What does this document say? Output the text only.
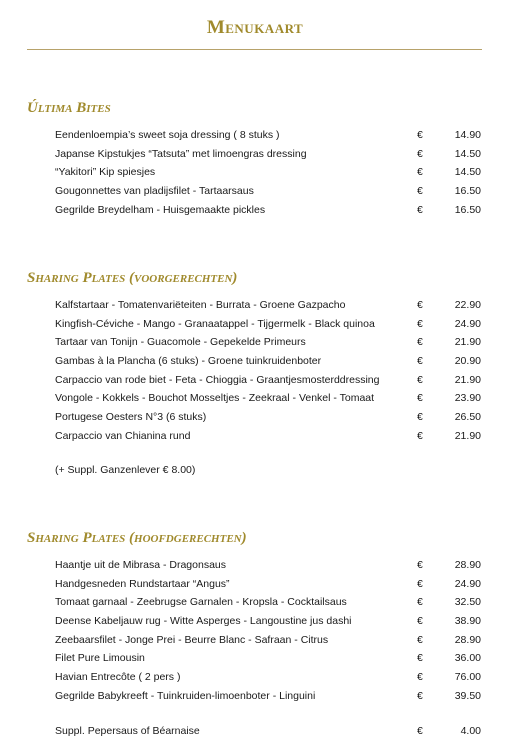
Menukaart
Última Bites
Eendenloempia’s sweet soja dressing ( 8 stuks )	€	14.90
Japanse Kipstukjes “Tatsuta” met limoengras dressing	€	14.50
“Yakitori” Kip spiesjes	€	14.50
Gougonnettes van pladijsfilet - Tartaarsaus	€	16.50
Gegrilde Breydelham - Huisgemaakte pickles	€	16.50
Sharing Plates (voorgerechten)
Kalfstartaar - Tomatenvariëteiten - Burrata - Groene Gazpacho	€	22.90
Kingfish-Céviche - Mango - Granaatappel - Tijgermelk - Black quinoa	€	24.90
Tartaar van Tonijn - Guacomole - Gepekelde Primeurs	€	21.90
Gambas à la Plancha (6 stuks) - Groene tuinkruidenboter	€	20.90
Carpaccio van rode biet - Feta - Chioggia - Graantjesmosterddressing	€	21.90
Vongole - Kokkels - Bouchot Mosseltjes - Zeekraal - Venkel - Tomaat	€	23.90
Portugese Oesters N°3 (6 stuks)	€	26.50
Carpaccio van Chianina rund	€	21.90
(+ Suppl. Ganzenlever € 8.00)
Sharing Plates (hoofdgerechten)
Haantje uit de Mibrasa - Dragonsaus	€	28.90
Handgesneden Rundstartaar “Angus”	€	24.90
Tomaat garnaal - Zeebrugse Garnalen - Kropsla - Cocktailsaus	€	32.50
Deense Kabeljauw rug - Witte Asperges - Langoustine jus dashi	€	38.90
Zeebaarsfilet - Jonge Prei - Beurre Blanc - Safraan - Citrus	€	28.90
Filet Pure Limousin	€	36.00
Havian Entrecôte ( 2 pers )	€	76.00
Gegrilde Babykreeft - Tuinkruiden-limoenboter - Linguini	€	39.50
Suppl. Pepersaus of Béarnaise	€	4.00
